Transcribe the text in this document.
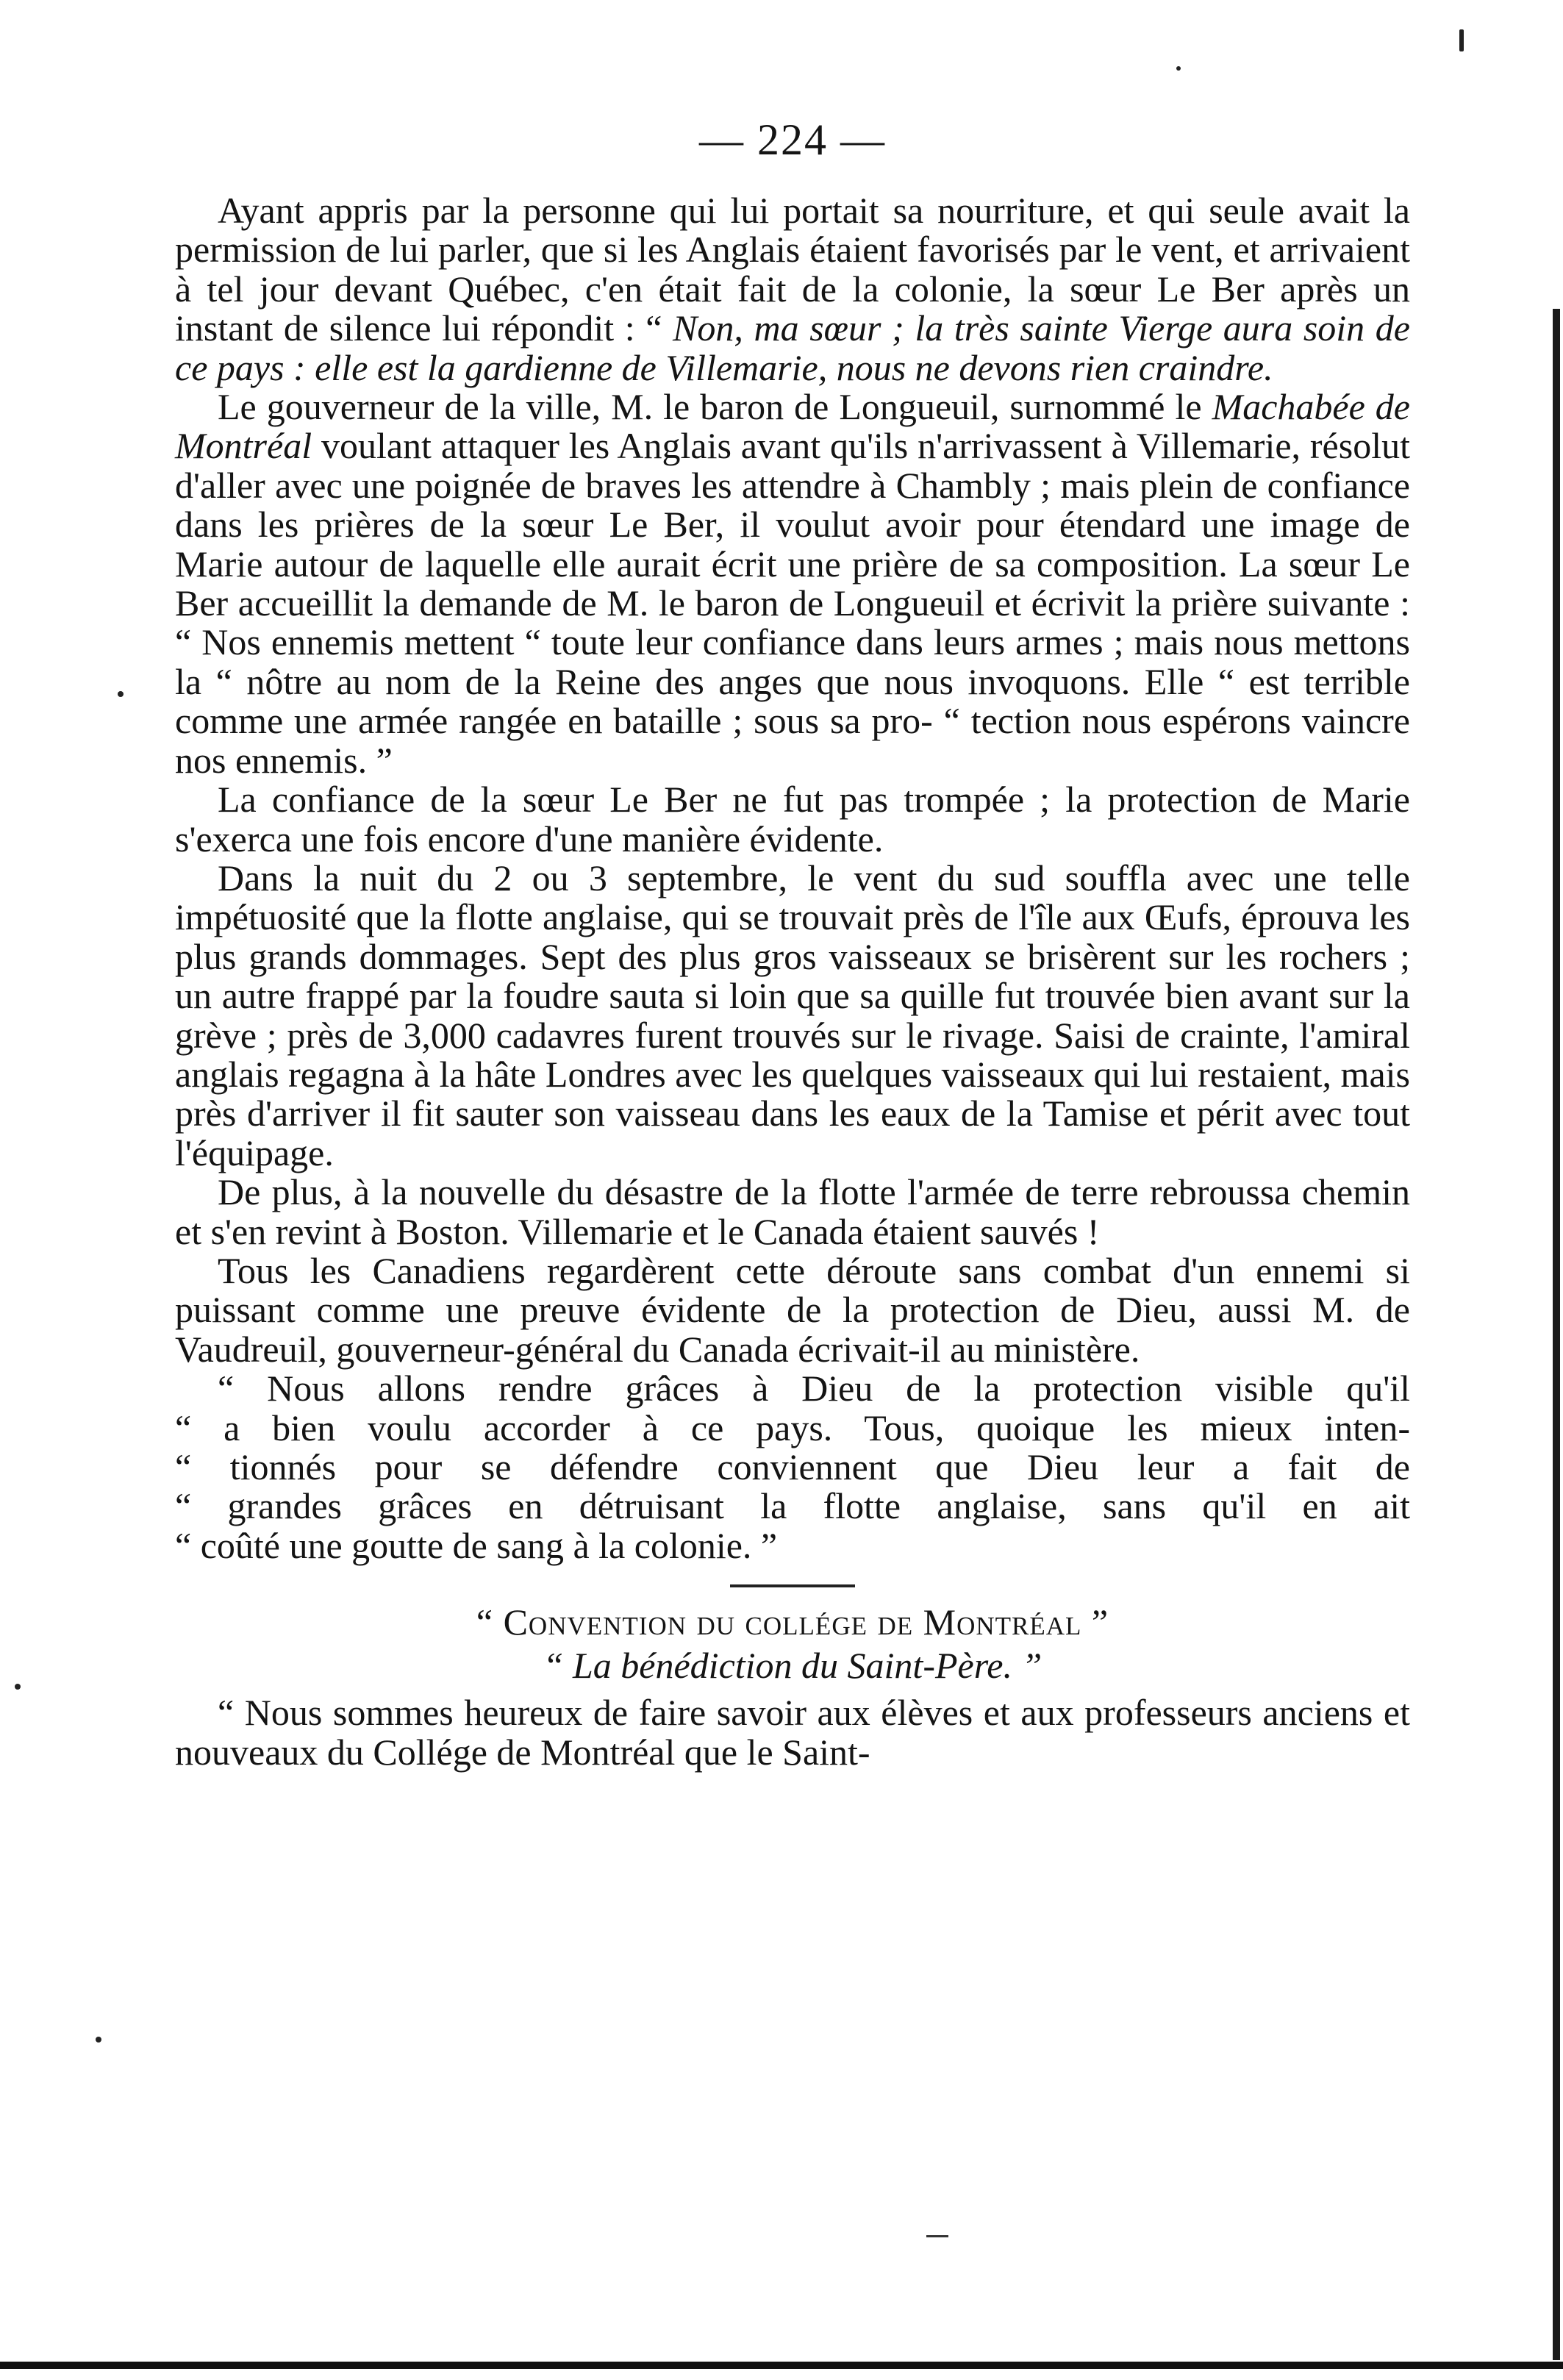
— 224 —

Ayant appris par la personne qui lui portait sa nourriture, et qui seule avait la permission de lui parler, que si les Anglais étaient favorisés par le vent, et arrivaient à tel jour devant Québec, c'en était fait de la colonie, la sœur Le Ber après un instant de silence lui répondit : “ Non, ma sœur ; la très sainte Vierge aura soin de ce pays : elle est la gardienne de Villemarie, nous ne devons rien craindre.

Le gouverneur de la ville, M. le baron de Longueuil, surnommé le Machabée de Montréal voulant attaquer les Anglais avant qu'ils n'arrivassent à Villemarie, résolut d'aller avec une poignée de braves les attendre à Chambly ; mais plein de confiance dans les prières de la sœur Le Ber, il voulut avoir pour étendard une image de Marie autour de laquelle elle aurait écrit une prière de sa composition. La sœur Le Ber accueillit la demande de M. le baron de Longueuil et écrivit la prière suivante : “ Nos ennemis mettent “ toute leur confiance dans leurs armes ; mais nous mettons la “ nôtre au nom de la Reine des anges que nous invoquons. Elle “ est terrible comme une armée rangée en bataille ; sous sa pro- “ tection nous espérons vaincre nos ennemis. ”

La confiance de la sœur Le Ber ne fut pas trompée ; la protection de Marie s'exerca une fois encore d'une manière évidente.

Dans la nuit du 2 ou 3 septembre, le vent du sud souffla avec une telle impétuosité que la flotte anglaise, qui se trouvait près de l'île aux Œufs, éprouva les plus grands dommages. Sept des plus gros vaisseaux se brisèrent sur les rochers ; un autre frappé par la foudre sauta si loin que sa quille fut trouvée bien avant sur la grève ; près de 3,000 cadavres furent trouvés sur le rivage. Saisi de crainte, l'amiral anglais regagna à la hâte Londres avec les quelques vaisseaux qui lui restaient, mais près d'arriver il fit sauter son vaisseau dans les eaux de la Tamise et périt avec tout l'équipage.

De plus, à la nouvelle du désastre de la flotte l'armée de terre rebroussa chemin et s'en revint à Boston. Villemarie et le Canada étaient sauvés !

Tous les Canadiens regardèrent cette déroute sans combat d'un ennemi si puissant comme une preuve évidente de la protection de Dieu, aussi M. de Vaudreuil, gouverneur-général du Canada écrivait-il au ministère.

“ Nous allons rendre grâces à Dieu de la protection visible qu'il

“ a bien voulu accorder à ce pays. Tous, quoique les mieux inten-

“ tionnés pour se défendre conviennent que Dieu leur a fait de

“ grandes grâces en détruisant la flotte anglaise, sans qu'il en ait

“ coûté une goutte de sang à la colonie. ”

“ Convention du collége de Montréal ”

“ La bénédiction du Saint-Père. ”

“ Nous sommes heureux de faire savoir aux élèves et aux professeurs anciens et nouveaux du Collége de Montréal que le Saint-
